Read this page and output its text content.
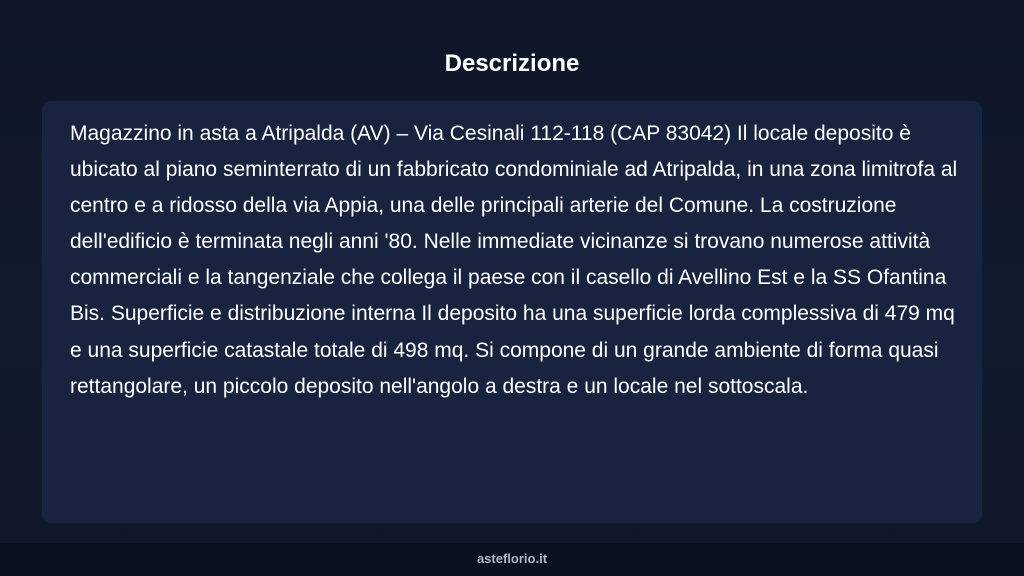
Descrizione

Magazzino in asta a Atripalda (AV) – Via Cesinali 112-118 (CAP 83042) Il locale deposito è ubicato al piano seminterrato di un fabbricato condominiale ad Atripalda, in una zona limitrofa al centro e a ridosso della via Appia, una delle principali arterie del Comune. La costruzione dell'edificio è terminata negli anni '80. Nelle immediate vicinanze si trovano numerose attività commerciali e la tangenziale che collega il paese con il casello di Avellino Est e la SS Ofantina Bis. Superficie e distribuzione interna Il deposito ha una superficie lorda complessiva di 479 mq e una superficie catastale totale di 498 mq. Si compone di un grande ambiente di forma quasi rettangolare, un piccolo deposito nell'angolo a destra e un locale nel sottoscala.

asteflorio.it
